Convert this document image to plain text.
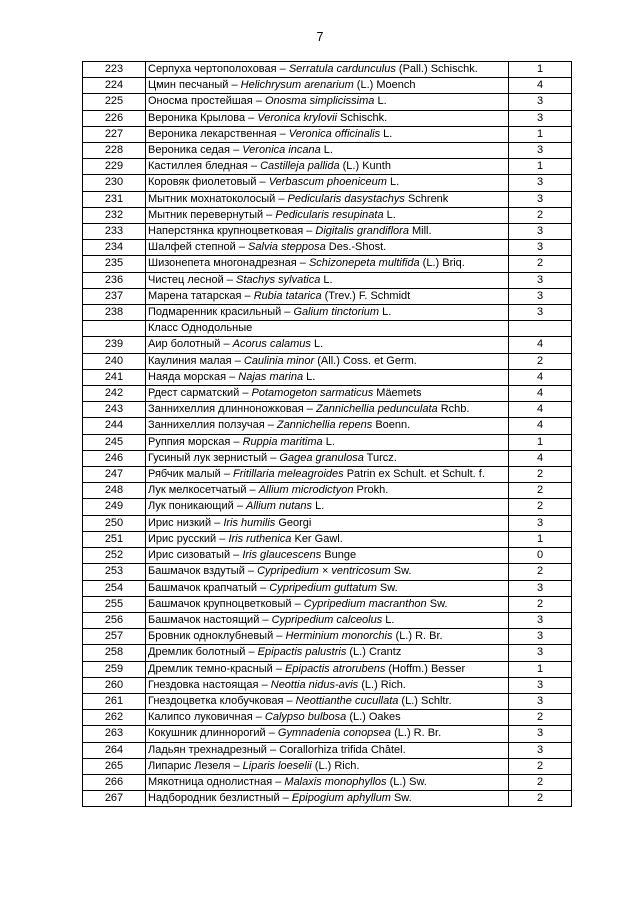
7
223	Серпуха чертополоховая – Serratula cardunculus (Pall.) Schischk.	1
224	Цмин песчаный – Helichrysum arenarium (L.) Moench	4
225	Оносма простейшая – Onosma simplicissima L.	3
226	Вероника Крылова – Veronica krylovii Schischk.	3
227	Вероника лекарственная – Veronica officinalis L.	1
228	Вероника седая – Veronica incana L.	3
229	Кастиллея бледная – Castilleja pallida (L.) Kunth	1
230	Коровяк фиолетовый – Verbascum phoeniceum L.	3
231	Мытник мохнатоколосый – Pedicularis dasystachys Schrenk	3
232	Мытник перевернутый – Pedicularis resupinata L.	2
233	Наперстянка крупноцветковая – Digitalis grandiflora Mill.	3
234	Шалфей степной – Salvia stepposa Des.-Shost.	3
235	Шизонепета многонадрезная – Schizonepeta multifida (L.) Briq.	2
236	Чистец лесной – Stachys sylvatica L.	3
237	Марена татарская – Rubia tatarica (Trev.) F. Schmidt	3
238	Подмаренник красильный – Galium tinctorium L.	3
	Класс Однодольные	
239	Аир болотный – Acorus calamus L.	4
240	Каулиния малая – Caulinia minor (All.) Coss. et Germ.	2
241	Наяда морская – Najas marina L.	4
242	Рдест сарматский – Potamogeton sarmaticus Mäemets	4
243	Заннихеллия длинноножковая – Zannichellia pedunculata Rchb.	4
244	Заннихеллия ползучая – Zannichellia repens Boenn.	4
245	Руппия морская – Ruppia maritima L.	1
246	Гусиный лук зернистый – Gagea granulosa Turcz.	4
247	Рябчик малый – Fritillaria meleagroides Patrin ex Schult. et Schult. f.	2
248	Лук мелкосетчатый – Allium microdictyon Prokh.	2
249	Лук поникающий – Allium nutans L.	2
250	Ирис низкий – Iris humilis Georgi	3
251	Ирис русский – Iris ruthenica Ker Gawl.	1
252	Ирис сизоватый – Iris glaucescens Bunge	0
253	Башмачок вздутый – Cypripedium × ventricosum Sw.	2
254	Башмачок крапчатый – Cypripedium guttatum Sw.	3
255	Башмачок крупноцветковый – Cypripedium macranthon Sw.	2
256	Башмачок настоящий – Cypripedium calceolus L.	3
257	Бровник одноклубневый – Herminium monorchis (L.) R. Br.	3
258	Дремлик болотный – Epipactis palustris (L.) Crantz	3
259	Дремлик темно-красный – Epipactis atrorubens (Hoffm.) Besser	1
260	Гнездовка настоящая – Neottia nidus-avis (L.) Rich.	3
261	Гнездоцветка клобучковая – Neottianthe cucullata (L.) Schltr.	3
262	Калипсо луковичная – Calypso bulbosa (L.) Oakes	2
263	Кокушник длиннорогий – Gymnadenia conopsea (L.) R. Br.	3
264	Ладьян трехнадрезный – Corallorhiza trifida Châtel.	3
265	Липарис Лезеля – Liparis loeselii (L.) Rich.	2
266	Мякотница однолистная – Malaxis monophyllos (L.) Sw.	2
267	Надбородник безлистный – Epipogium aphyllum Sw.	2
